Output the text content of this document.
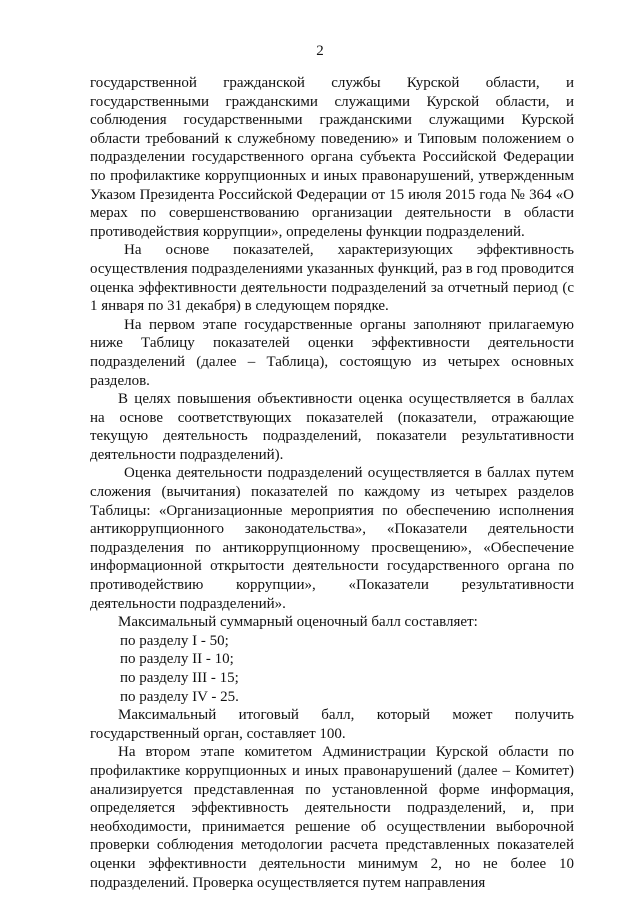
2

государственной гражданской службы Курской области, и государственными гражданскими служащими Курской области, и соблюдения государственными гражданскими служащими Курской области требований к служебному поведению» и Типовым положением о подразделении государственного органа субъекта Российской Федерации по профилактике коррупционных и иных правонарушений, утвержденным Указом Президента Российской Федерации от 15 июля 2015 года № 364 «О мерах по совершенствованию организации деятельности в области противодействия коррупции», определены функции подразделений.

На основе показателей, характеризующих эффективность осуществления подразделениями указанных функций, раз в год проводится оценка эффективности деятельности подразделений за отчетный период (с 1 января по 31 декабря) в следующем порядке.

На первом этапе государственные органы заполняют прилагаемую ниже Таблицу показателей оценки эффективности деятельности подразделений (далее – Таблица), состоящую из четырех основных разделов.

В целях повышения объективности оценка осуществляется в баллах на основе соответствующих показателей (показатели, отражающие текущую деятельность подразделений, показатели результативности деятельности подразделений).

Оценка деятельности подразделений осуществляется в баллах путем сложения (вычитания) показателей по каждому из четырех разделов Таблицы: «Организационные мероприятия по обеспечению исполнения антикоррупционного законодательства», «Показатели деятельности подразделения по антикоррупционному просвещению», «Обеспечение информационной открытости деятельности государственного органа по противодействию коррупции», «Показатели результативности деятельности подразделений».

Максимальный суммарный оценочный балл составляет:

по разделу I - 50;

по разделу II - 10;

по разделу III - 15;

по разделу IV - 25.

Максимальный итоговый балл, который может получить государственный орган, составляет 100.

На втором этапе комитетом Администрации Курской области по профилактике коррупционных и иных правонарушений (далее – Комитет) анализируется представленная по установленной форме информация, определяется эффективность деятельности подразделений, и, при необходимости, принимается решение об осуществлении выборочной проверки соблюдения методологии расчета представленных показателей оценки эффективности деятельности минимум 2, но не более 10 подразделений. Проверка осуществляется путем направления
